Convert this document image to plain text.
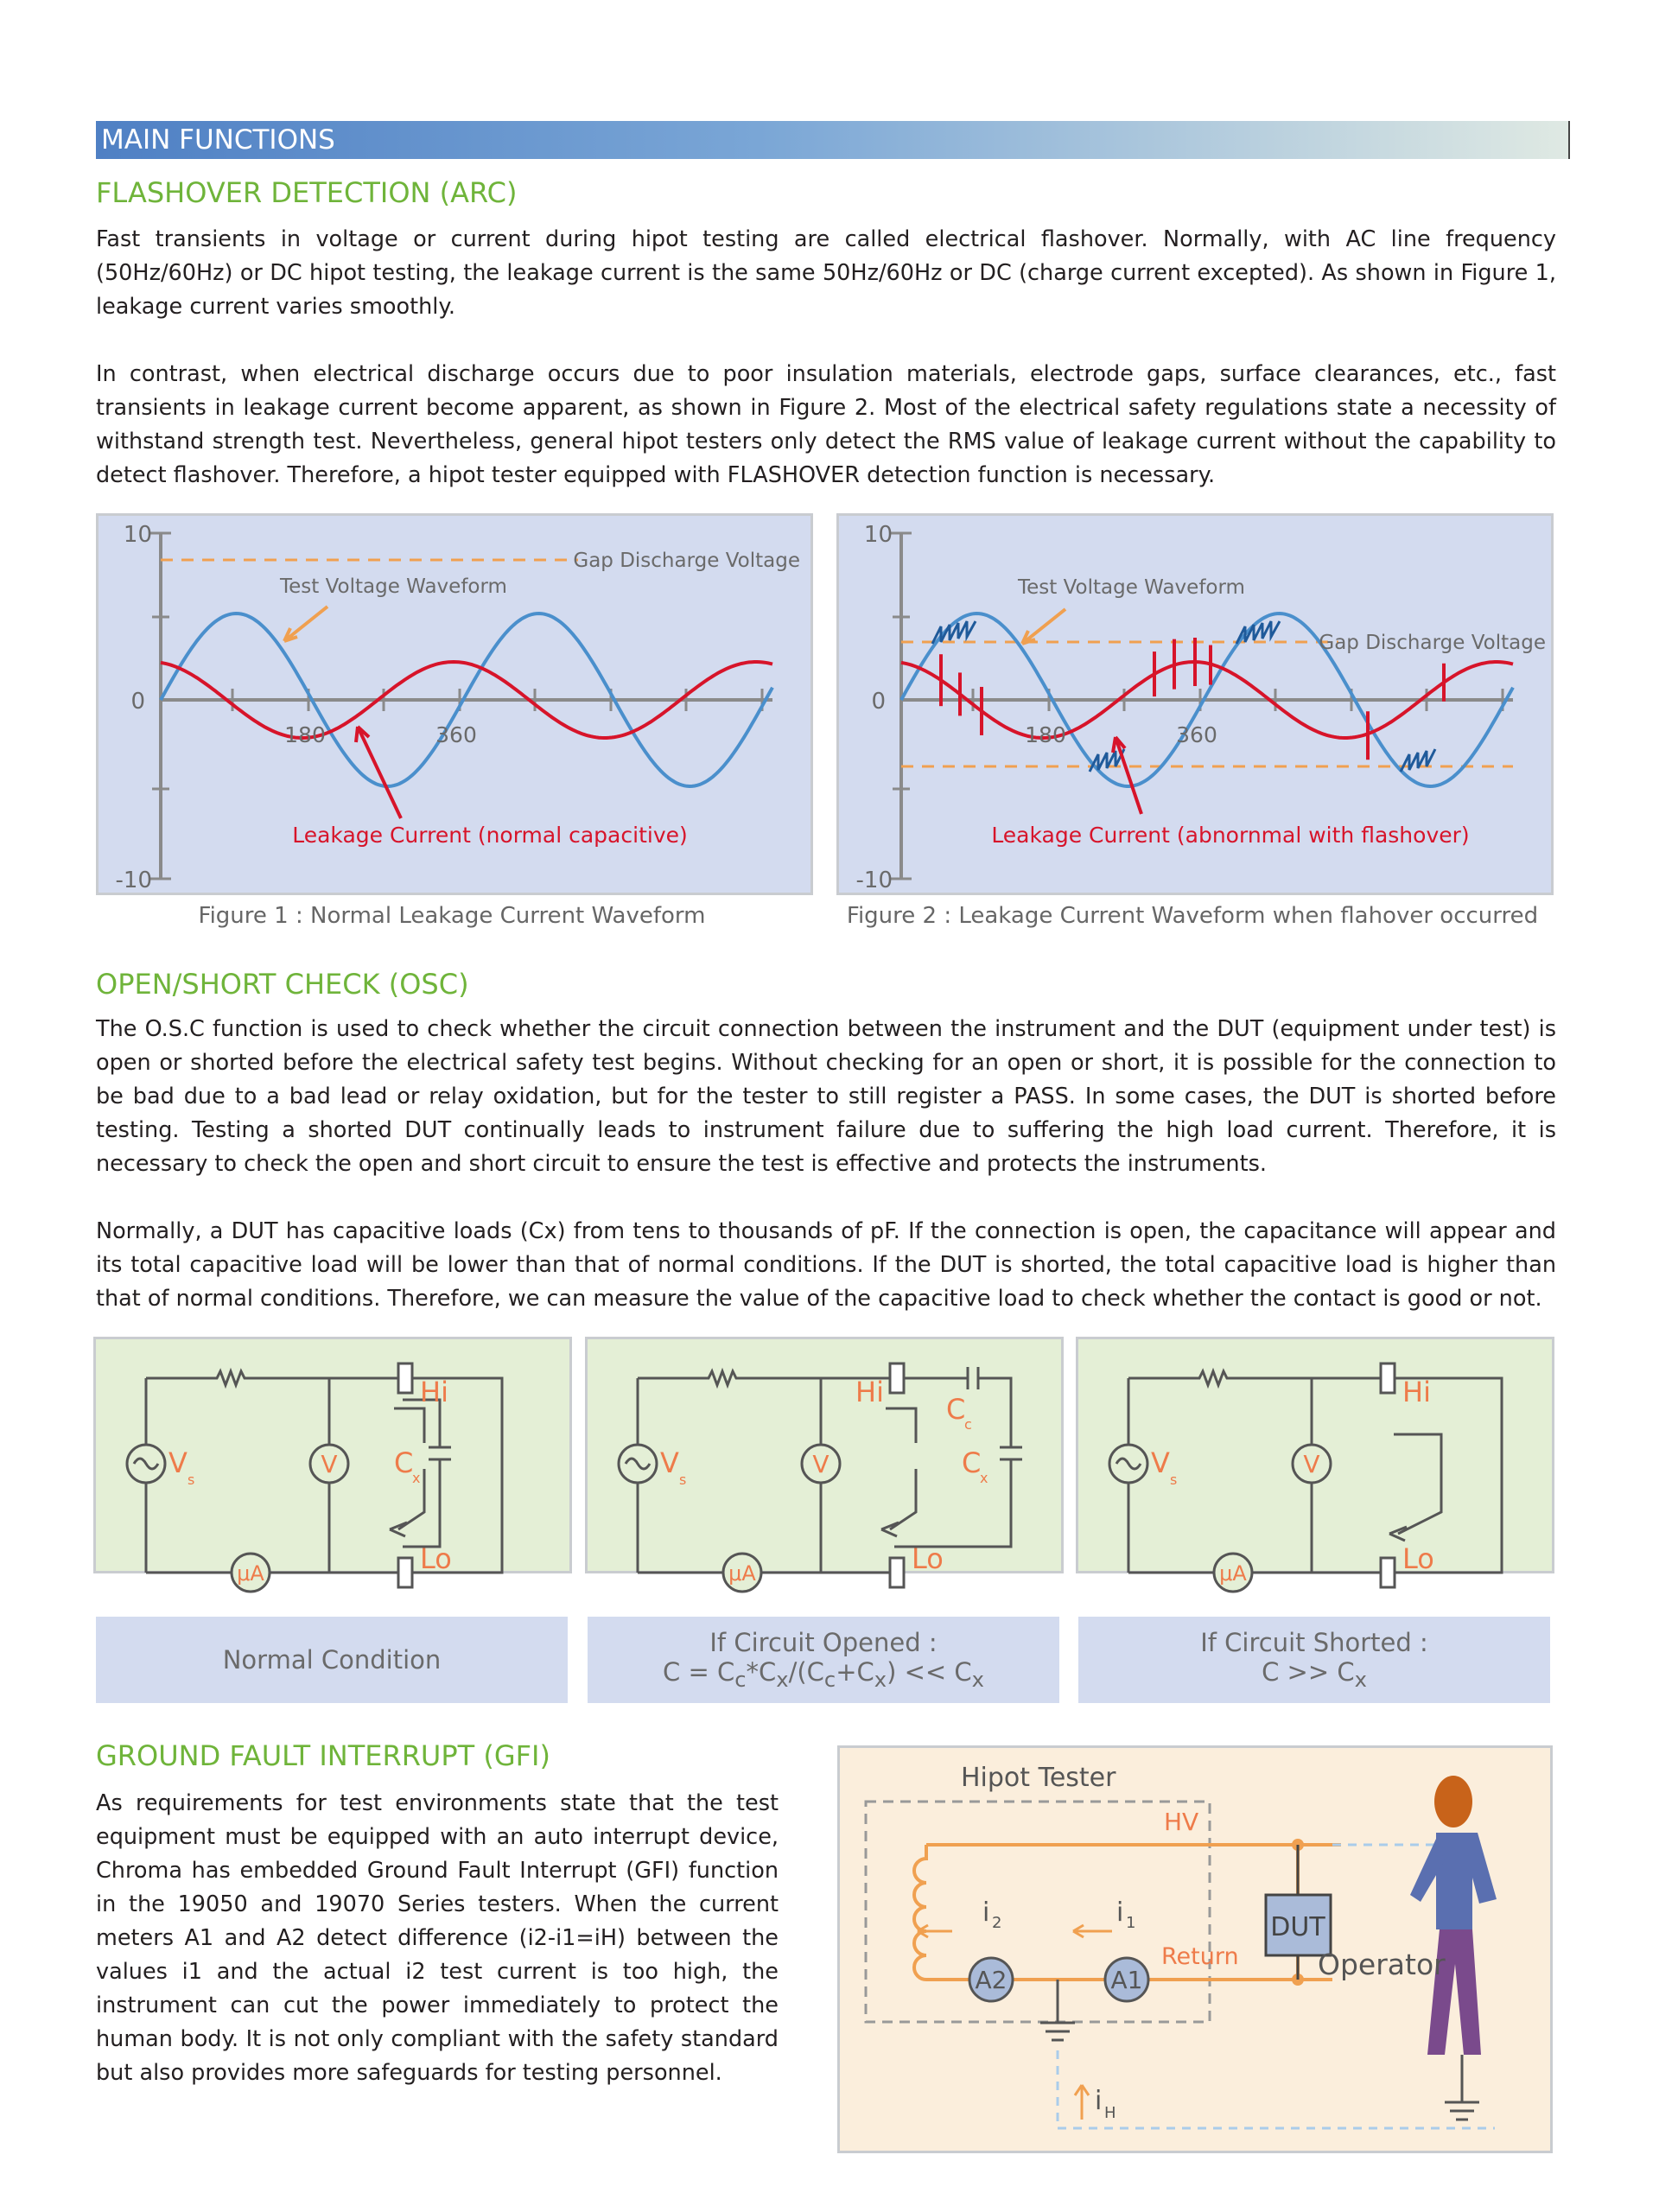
MAIN FUNCTIONS
FLASHOVER DETECTION (ARC)

Fast transients in voltage or current during hipot testing are called electrical flashover. Normally, with AC line frequency (50Hz/60Hz) or DC hipot testing, the leakage current is the same 50Hz/60Hz or DC (charge current excepted). As shown in Figure 1, leakage current varies smoothly.

In contrast, when electrical discharge occurs due to poor insulation materials, electrode gaps, surface clearances, etc., fast transients in leakage current become apparent, as shown in Figure 2. Most of the electrical safety regulations state a necessity of withstand strength test. Nevertheless, general hipot testers only detect the RMS value of leakage current without the capability to detect flashover. Therefore, a hipot tester equipped with FLASHOVER detection function is necessary.

10
0
-10
180	360
Gap Discharge Voltage
Test Voltage Waveform
Leakage Current (normal capacitive)
Figure 1 : Normal Leakage Current Waveform
10
0
-10
180	360
Gap Discharge Voltage
Test Voltage Waveform
Leakage Current (abnornmal with flashover)
Figure 2 : Leakage Current Waveform when flahover occurred
OPEN/SHORT CHECK (OSC)

The O.S.C function is used to check whether the circuit connection between the instrument and the DUT (equipment under test) is open or shorted before the electrical safety test begins. Without checking for an open or short, it is possible for the connection to be bad due to a bad lead or relay oxidation, but for the tester to still register a PASS. In some cases, the DUT is shorted before testing. Testing a shorted DUT continually leads to instrument failure due to suffering the high load current. Therefore, it is necessary to check the open and short circuit to ensure the test is effective and protects the instruments.

Normally, a DUT has capacitive loads (Cx) from tens to thousands of pF. If the connection is open, the capacitance will appear and its total capacitive load will be lower than that of normal conditions. If the DUT is shorted, the total capacitive load is higher than that of normal conditions. Therefore, we can measure the value of the capacitive load to check whether the contact is good or not.

V
μA
V
s
Hi
Lo
C
x	V
μA
V
s
Hi
Lo
C
c
C
x	V
μA
V
s
Hi
Lo
Normal Condition
If Circuit Opened :
$C = C_c*C_x/(C_c+C_x) << C_x$
If Circuit Shorted :
$C >> C_x$
GROUND FAULT INTERRUPT (GFI)

As requirements for test environments state that the test equipment must be equipped with an auto interrupt device, Chroma has embedded Ground Fault Interrupt (GFI) function in the 19050 and 19070 Series testers. When the current meters A1 and A2 detect difference (i2-i1=iH) between the values i1 and the actual i2 test current is too high, the instrument can cut the power immediately to protect the human body. It is not only compliant with the safety standard but also provides more safeguards for testing personnel.

Hipot Tester
HV
DUT
Return	Operator
A2	A1
i 2	i 1
i H
